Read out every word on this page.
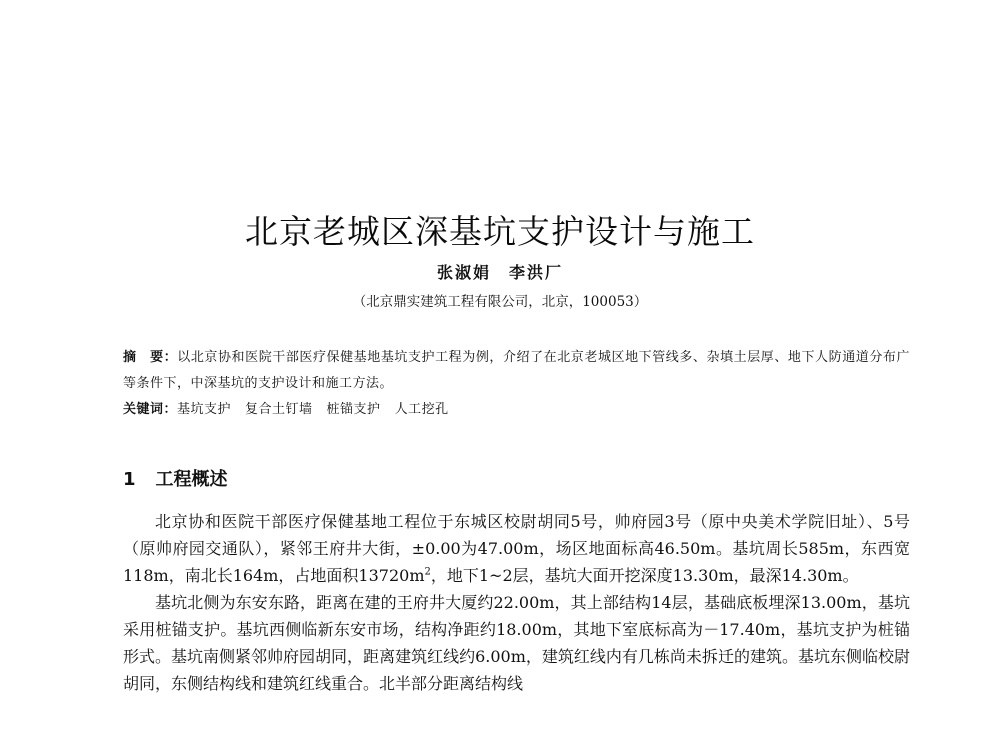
北京老城区深基坑支护设计与施工
张淑娟　李洪厂
（北京鼎实建筑工程有限公司，北京，100053）
摘　要：以北京协和医院干部医疗保健基地基坑支护工程为例，介绍了在北京老城区地下管线多、杂填土层厚、地下人防通道分布广等条件下，中深基坑的支护设计和施工方法。
关键词：基坑支护 复合土钉墙 桩锚支护 人工挖孔
1 工程概述

北京协和医院干部医疗保健基地工程位于东城区校尉胡同5号，帅府园3号（原中央美术学院旧址）、5号（原帅府园交通队），紧邻王府井大街，±0.00为47.00m，场区地面标高46.50m。基坑周长585m，东西宽118m，南北长164m，占地面积$13720m^2$，地下1~2层，基坑大面开挖深度13.30m，最深14.30m。

基坑北侧为东安东路，距离在建的王府井大厦约22.00m，其上部结构14层，基础底板埋深13.00m，基坑采用桩锚支护。基坑西侧临新东安市场，结构净距约18.00m，其地下室底标高为－17.40m，基坑支护为桩锚形式。基坑南侧紧邻帅府园胡同，距离建筑红线约6.00m，建筑红线内有几栋尚未拆迁的建筑。基坑东侧临校尉胡同，东侧结构线和建筑红线重合。北半部分距离结构线
